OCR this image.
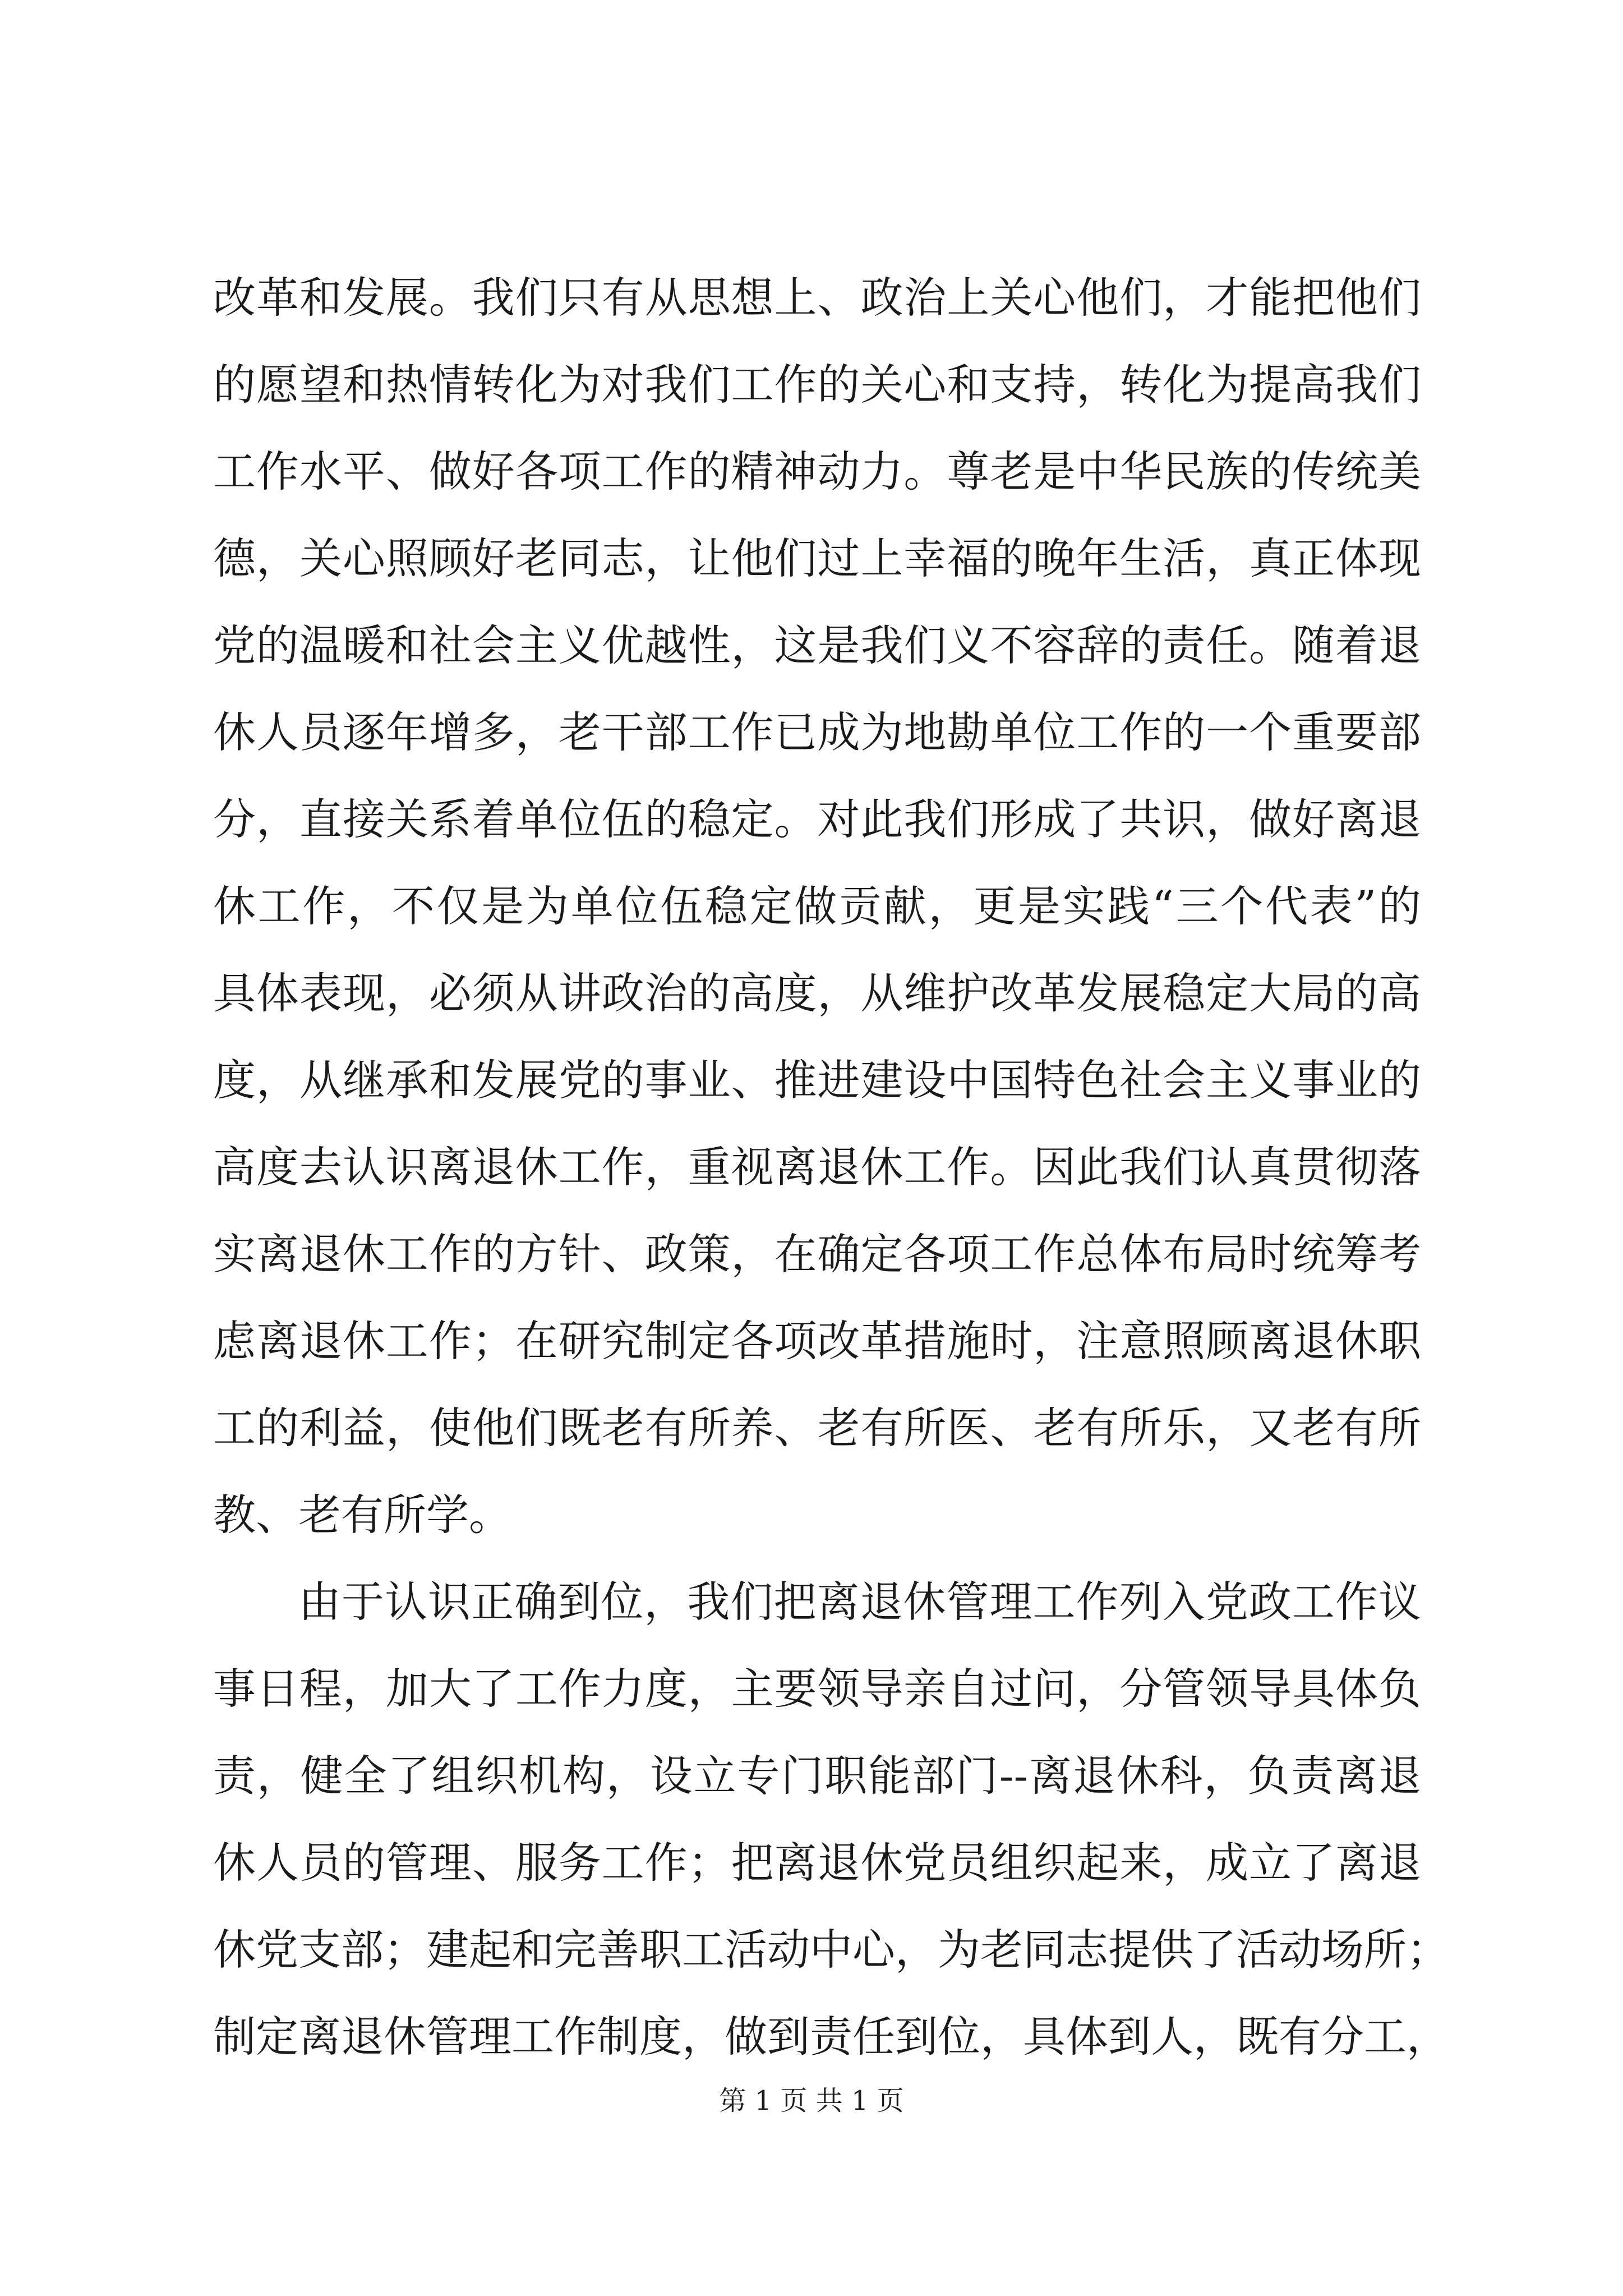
改革和发展。我们只有从思想上、政治上关心他们，才能把他们
的愿望和热情转化为对我们工作的关心和支持，转化为提高我们
工作水平、做好各项工作的精神动力。尊老是中华民族的传统美
德，关心照顾好老同志，让他们过上幸福的晚年生活，真正体现
党的温暖和社会主义优越性，这是我们义不容辞的责任。随着退
休人员逐年增多，老干部工作已成为地勘单位工作的一个重要部
分，直接关系着单位伍的稳定。对此我们形成了共识，做好离退
休工作，不仅是为单位伍稳定做贡献，更是实践“三个代表”的
具体表现，必须从讲政治的高度，从维护改革发展稳定大局的高
度，从继承和发展党的事业、推进建设中国特色社会主义事业的
高度去认识离退休工作，重视离退休工作。因此我们认真贯彻落
实离退休工作的方针、政策，在确定各项工作总体布局时统筹考
虑离退休工作；在研究制定各项改革措施时，注意照顾离退休职
工的利益，使他们既老有所养、老有所医、老有所乐，又老有所
教、老有所学。
由于认识正确到位，我们把离退休管理工作列入党政工作议
事日程，加大了工作力度，主要领导亲自过问，分管领导具体负
责，健全了组织机构，设立专门职能部门--离退休科，负责离退
休人员的管理、服务工作；把离退休党员组织起来，成立了离退
休党支部；建起和完善职工活动中心，为老同志提供了活动场所；
制定离退休管理工作制度，做到责任到位，具体到人，既有分工，
第 1 页 共 1 页
